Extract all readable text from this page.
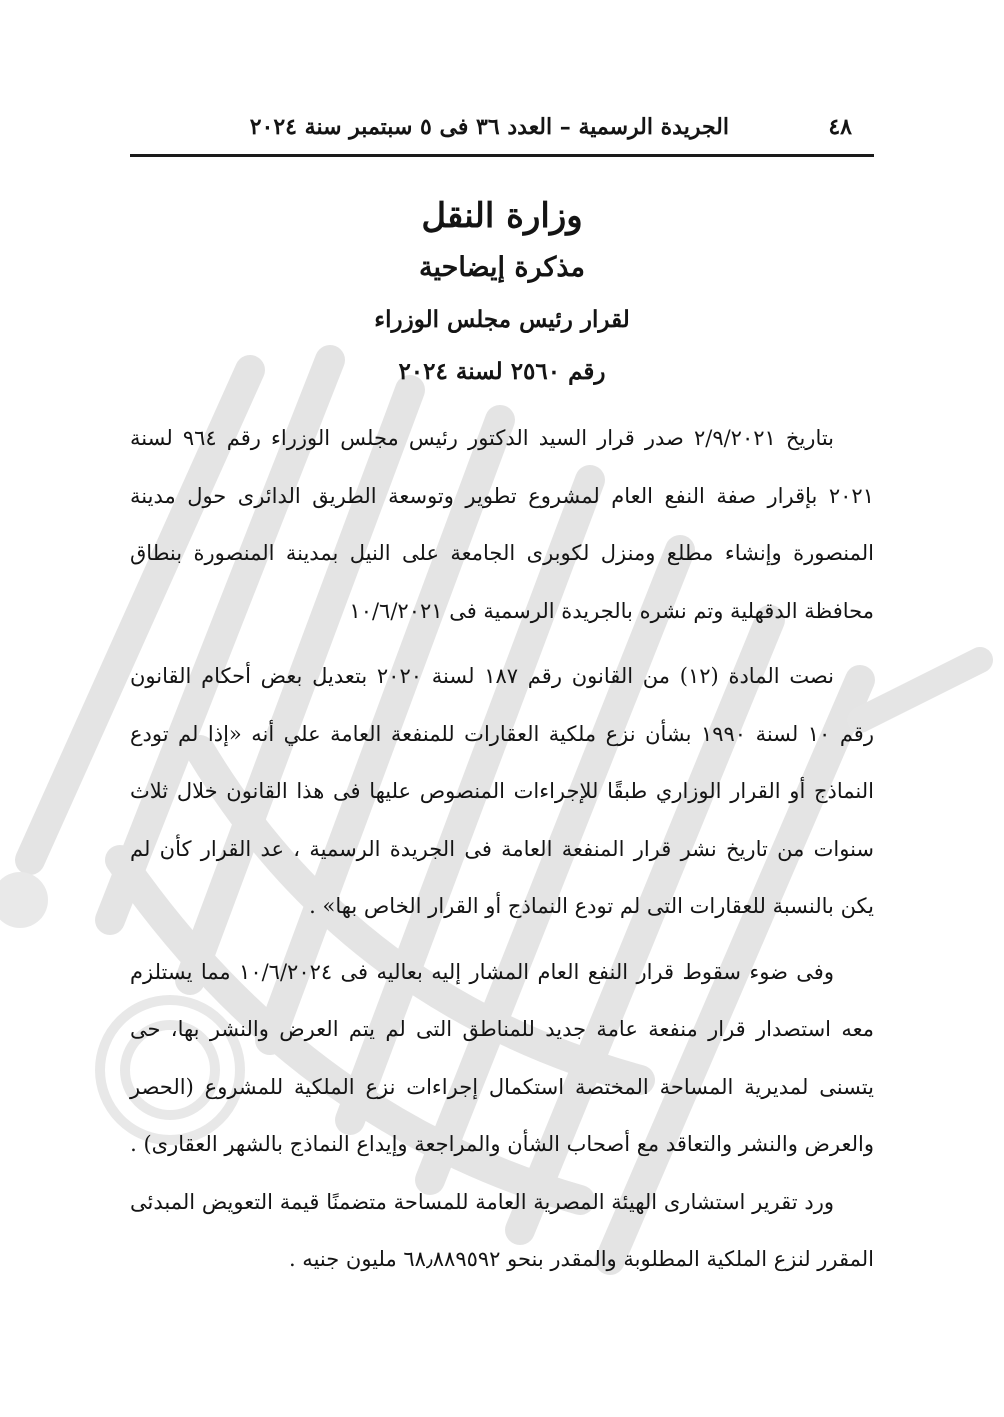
٤٨
الجريدة الرسمية – العدد ٣٦ فى ٥ سبتمبر سنة ٢٠٢٤

وزارة النقل

مذكرة إيضاحية

لقرار رئيس مجلس الوزراء

رقم ٢٥٦٠ لسنة ٢٠٢٤

بتاريخ ٢/٩/٢٠٢١ صدر قرار السيد الدكتور رئيس مجلس الوزراء رقم ٩٦٤ لسنة ٢٠٢١ بإقرار صفة النفع العام لمشروع تطوير وتوسعة الطريق الدائرى حول مدينة المنصورة وإنشاء مطلع ومنزل لكوبرى الجامعة على النيل بمدينة المنصورة بنطاق محافظة الدقهلية وتم نشره بالجريدة الرسمية فى ١٠/٦/٢٠٢١

نصت المادة (١٢) من القانون رقم ١٨٧ لسنة ٢٠٢٠ بتعديل بعض أحكام القانون رقم ١٠ لسنة ١٩٩٠ بشأن نزع ملكية العقارات للمنفعة العامة علي أنه «إذا لم تودع النماذج أو القرار الوزاري طبقًا للإجراءات المنصوص عليها فى هذا القانون خلال ثلاث سنوات من تاريخ نشر قرار المنفعة العامة فى الجريدة الرسمية ، عد القرار كأن لم يكن بالنسبة للعقارات التى لم تودع النماذج أو القرار الخاص بها» .

وفى ضوء سقوط قرار النفع العام المشار إليه بعاليه فى ١٠/٦/٢٠٢٤ مما يستلزم معه استصدار قرار منفعة عامة جديد للمناطق التى لم يتم العرض والنشر بها، حى يتسنى لمديرية المساحة المختصة استكمال إجراءات نزع الملكية للمشروع (الحصر والعرض والنشر والتعاقد مع أصحاب الشأن والمراجعة وإيداع النماذج بالشهر العقارى) .

ورد تقرير استشارى الهيئة المصرية العامة للمساحة متضمنًا قيمة التعويض المبدئى المقرر لنزع الملكية المطلوبة والمقدر بنحو ٦٨٫٨٨٩٥٩٢ مليون جنيه .
